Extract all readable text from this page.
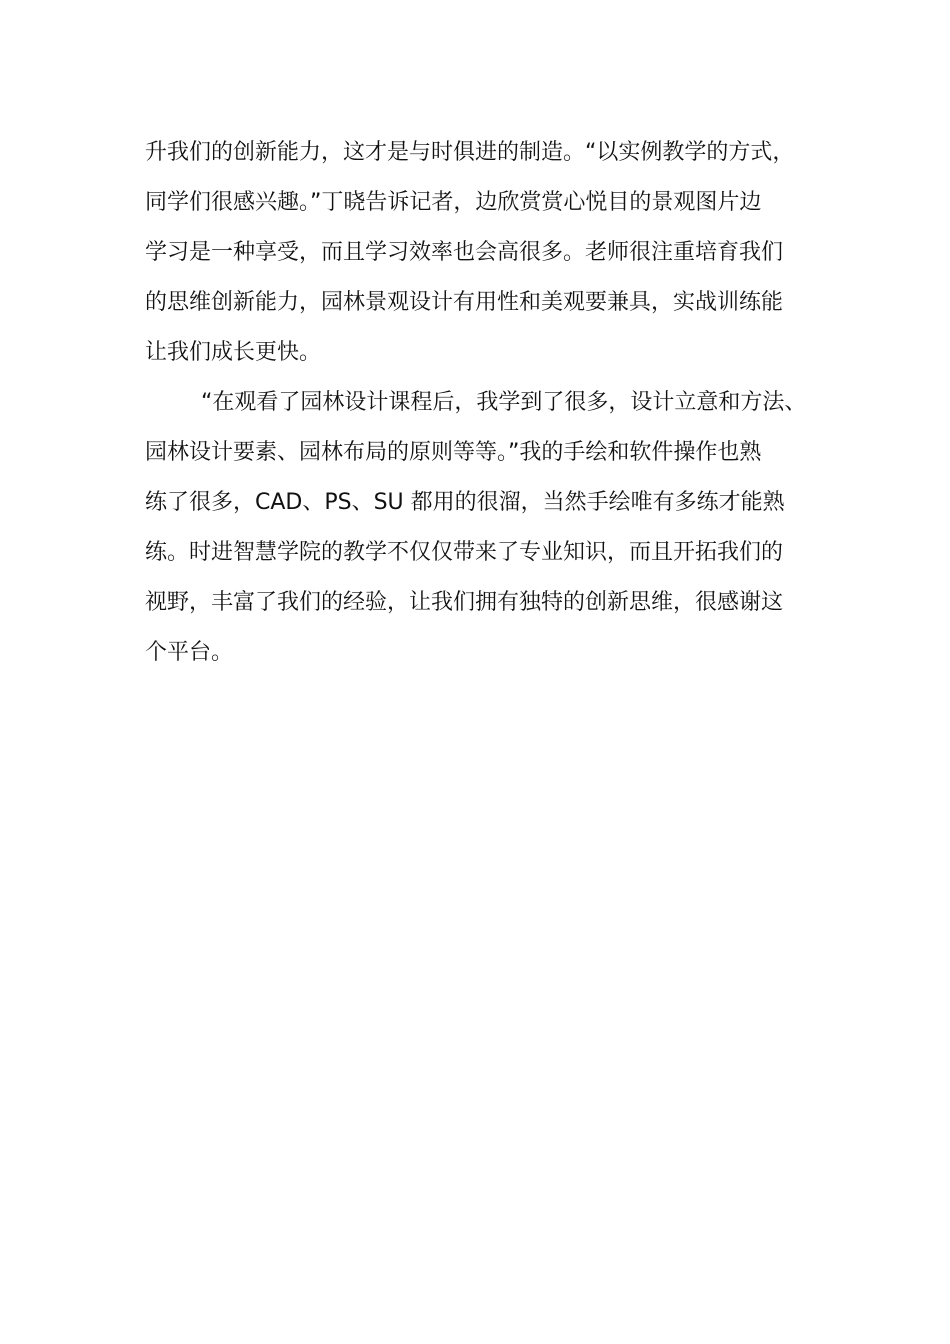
升我们的创新能力，这才是与时俱进的制造。“以实例教学的方式，
同学们很感兴趣。”丁晓告诉记者，边欣赏赏心悦目的景观图片边
学习是一种享受，而且学习效率也会高很多。老师很注重培育我们
的思维创新能力，园林景观设计有用性和美观要兼具，实战训练能
让我们成长更快。
“在观看了园林设计课程后，我学到了很多，设计立意和方法、
园林设计要素、园林布局的原则等等。”我的手绘和软件操作也熟
练了很多，CAD、PS、SU 都用的很溜，当然手绘唯有多练才能熟
练。时进智慧学院的教学不仅仅带来了专业知识，而且开拓我们的
视野，丰富了我们的经验，让我们拥有独特的创新思维，很感谢这
个平台。
